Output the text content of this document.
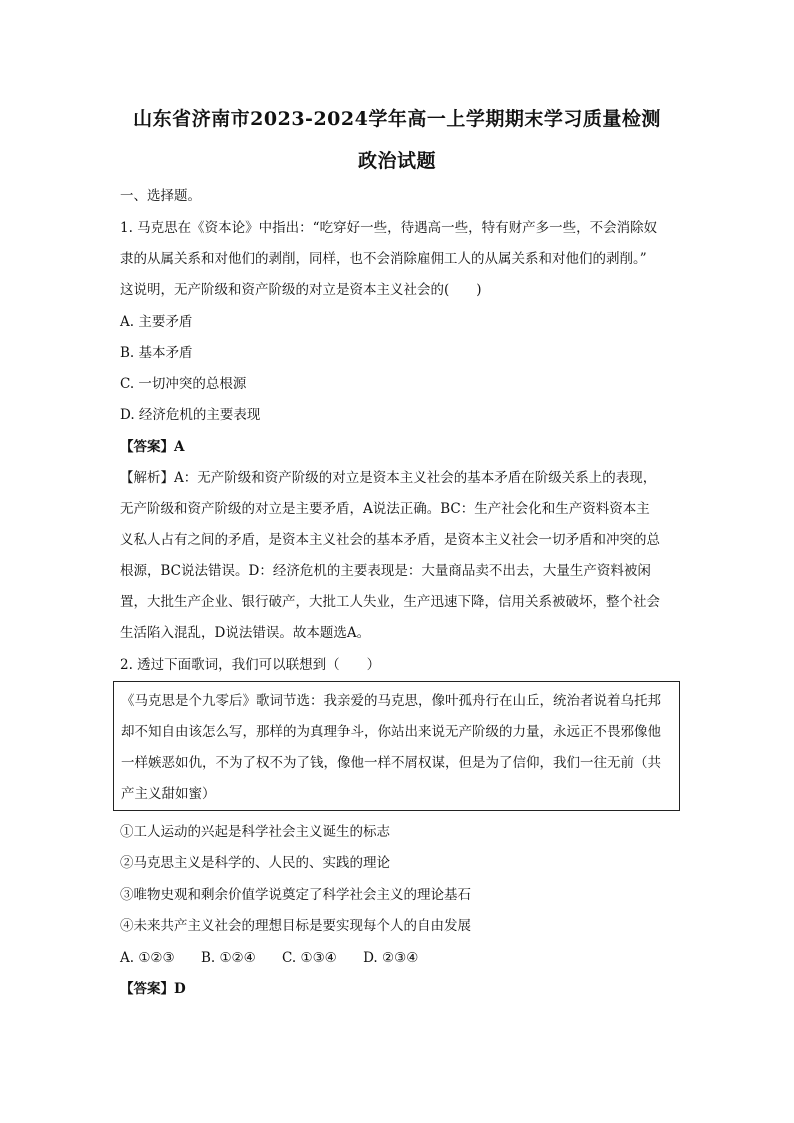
山东省济南市2023-2024学年高一上学期期末学习质量检测
政治试题
一、选择题。
1. 马克思在《资本论》中指出：“吃穿好一些，待遇高一些，特有财产多一些，不会消除奴
隶的从属关系和对他们的剥削，同样，也不会消除雇佣工人的从属关系和对他们的剥削。”
这说明，无产阶级和资产阶级的对立是资本主义社会的(　　)
A. 主要矛盾
B. 基本矛盾
C. 一切冲突的总根源
D. 经济危机的主要表现
【答案】A
【解析】A：无产阶级和资产阶级的对立是资本主义社会的基本矛盾在阶级关系上的表现，
无产阶级和资产阶级的对立是主要矛盾，A说法正确。BC：生产社会化和生产资料资本主
义私人占有之间的矛盾，是资本主义社会的基本矛盾，是资本主义社会一切矛盾和冲突的总
根源，BC说法错误。D：经济危机的主要表现是：大量商品卖不出去，大量生产资料被闲
置，大批生产企业、银行破产，大批工人失业，生产迅速下降，信用关系被破坏，整个社会
生活陷入混乱，D说法错误。故本题选A。
2. 透过下面歌词，我们可以联想到（　　）
《马克思是个九零后》歌词节选：我亲爱的马克思，像叶孤舟行在山丘，统治者说着乌托邦
却不知自由该怎么写，那样的为真理争斗，你站出来说无产阶级的力量，永远正不畏邪像他
一样嫉恶如仇，不为了权不为了钱，像他一样不屑权谋，但是为了信仰，我们一往无前（共
产主义甜如蜜）
①工人运动的兴起是科学社会主义诞生的标志
②马克思主义是科学的、人民的、实践的理论
③唯物史观和剩余价值学说奠定了科学社会主义的理论基石
④未来共产主义社会的理想目标是要实现每个人的自由发展
A. ①②③ B. ①②④ C. ①③④ D. ②③④
【答案】D
